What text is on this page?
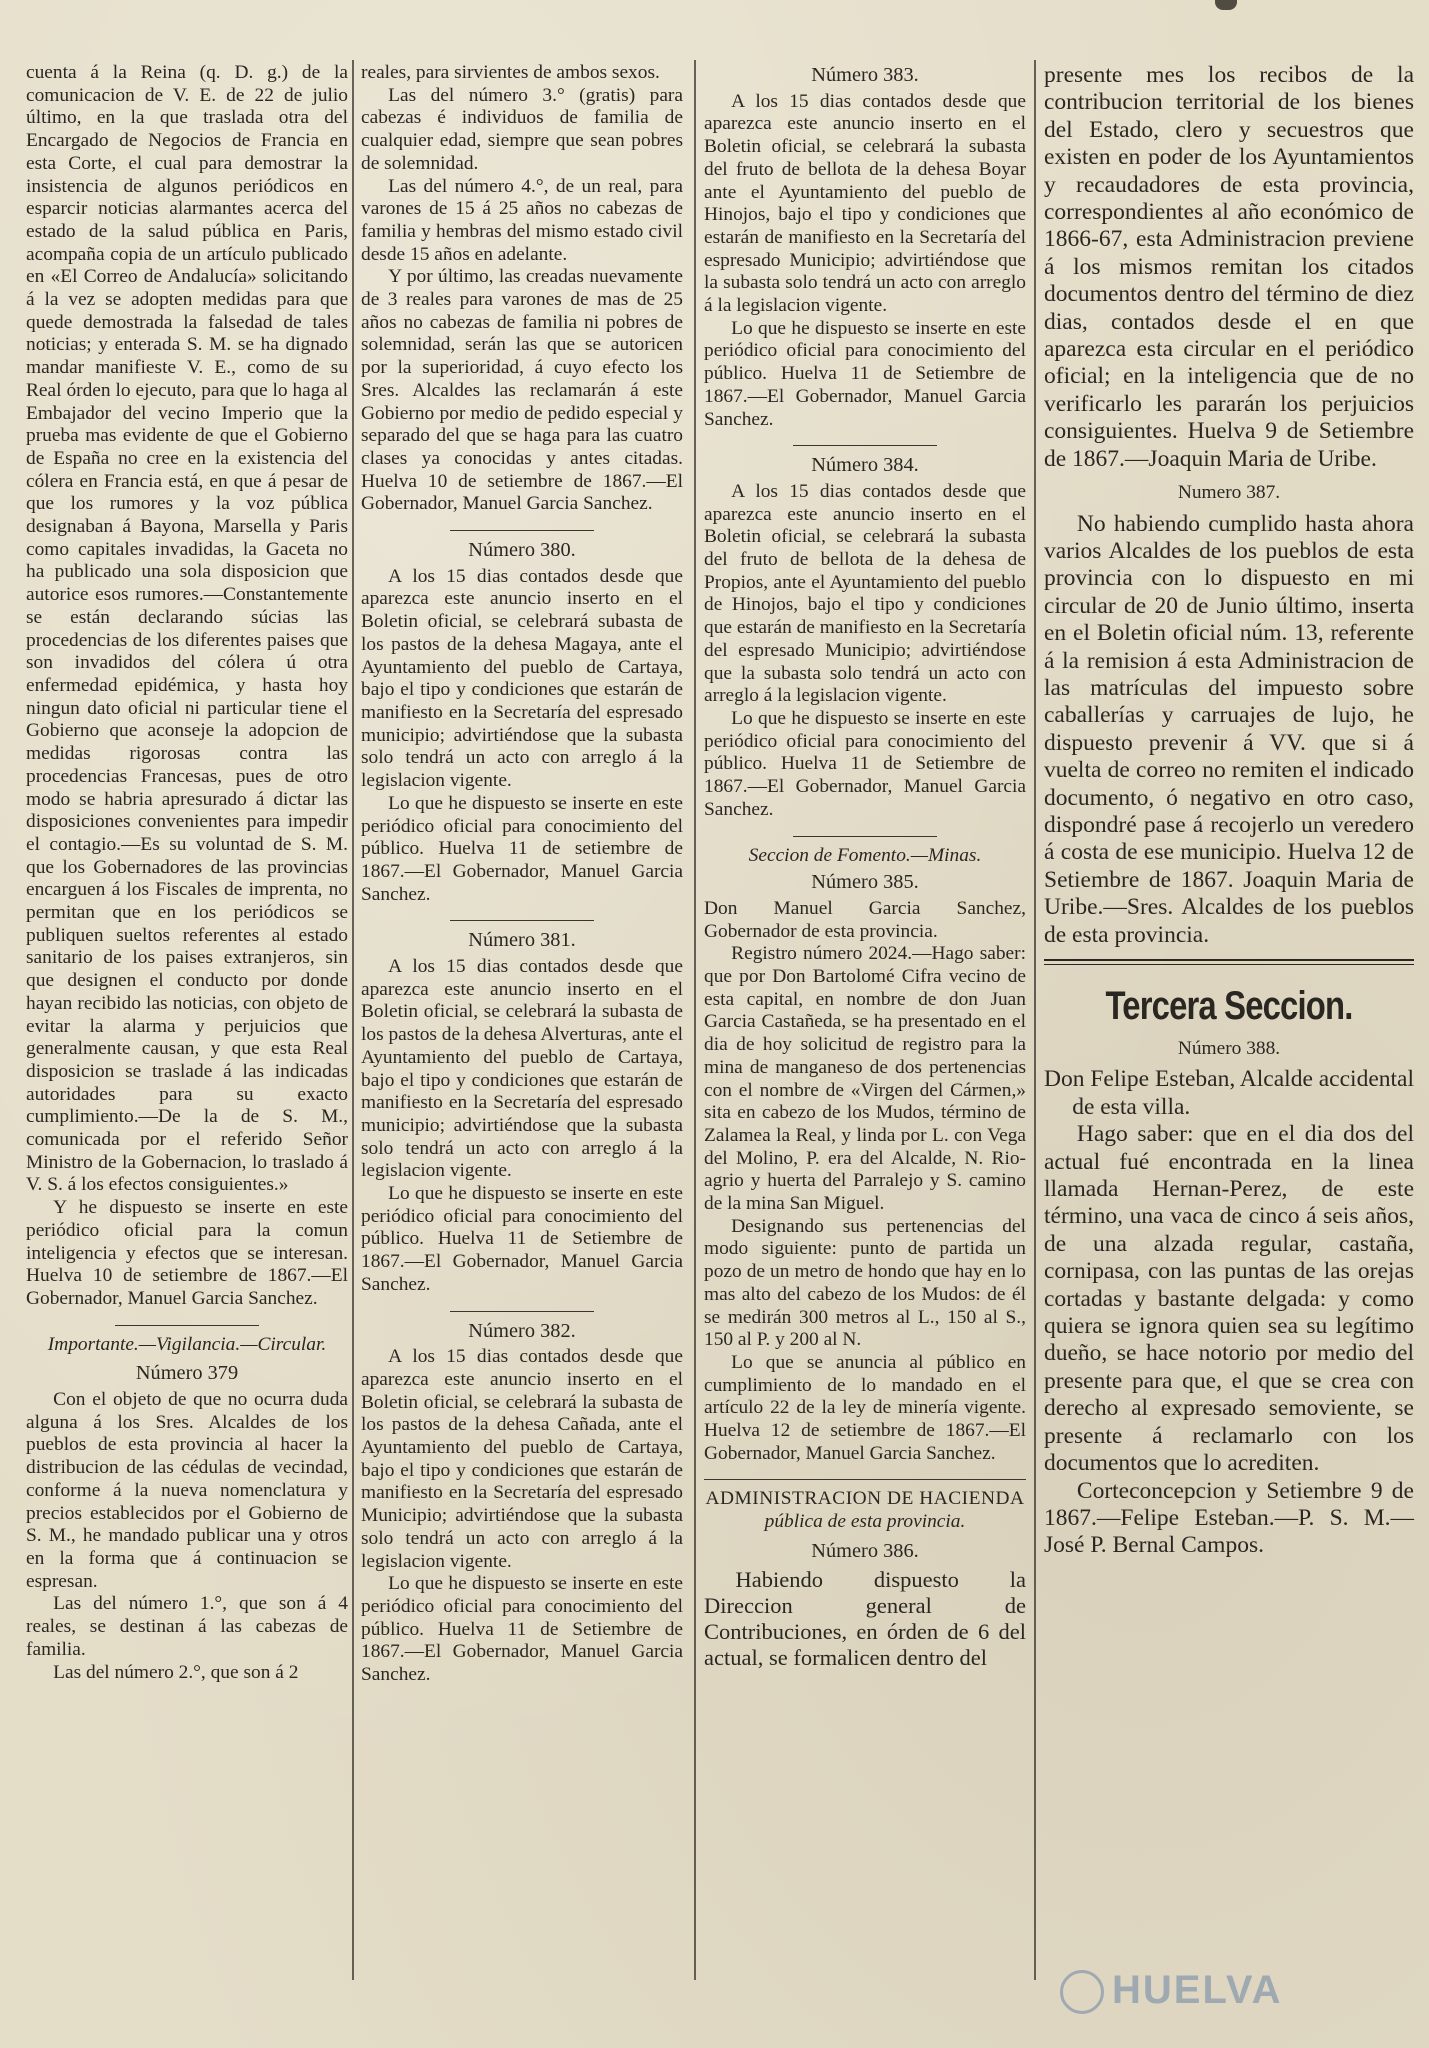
cuenta á la Reina (q. D. g.) de la comunicacion de V. E. de 22 de julio último, en la que traslada otra del Encargado de Negocios de Francia en esta Corte, el cual para demostrar la insistencia de algunos periódicos en esparcir noticias alarmantes acerca del estado de la salud pública en Paris, acompaña copia de un artículo publicado en «El Correo de Andalucía» solicitando á la vez se adopten medidas para que quede demostrada la falsedad de tales noticias; y enterada S. M. se ha dignado mandar manifieste V. E., como de su Real órden lo ejecuto, para que lo haga al Embajador del vecino Imperio que la prueba mas evidente de que el Gobierno de España no cree en la existencia del cólera en Francia está, en que á pesar de que los rumores y la voz pública designaban á Bayona, Marsella y Paris como capitales invadidas, la Gaceta no ha publicado una sola disposicion que autorice esos rumores.—Constantemente se están declarando súcias las procedencias de los diferentes paises que son invadidos del cólera ú otra enfermedad epidémica, y hasta hoy ningun dato oficial ni particular tiene el Gobierno que aconseje la adopcion de medidas rigorosas contra las procedencias Francesas, pues de otro modo se habria apresurado á dictar las disposiciones convenientes para impedir el contagio.—Es su voluntad de S. M. que los Gobernadores de las provincias encarguen á los Fiscales de imprenta, no permitan que en los periódicos se publiquen sueltos referentes al estado sanitario de los paises extranjeros, sin que designen el conducto por donde hayan recibido las noticias, con objeto de evitar la alarma y perjuicios que generalmente causan, y que esta Real disposicion se traslade á las indicadas autoridades para su exacto cumplimiento.—De la de S. M., comunicada por el referido Señor Ministro de la Gobernacion, lo traslado á V. S. á los efectos consiguientes.»

Y he dispuesto se inserte en este periódico oficial para la comun inteligencia y efectos que se interesan. Huelva 10 de setiembre de 1867.—El Gobernador, Manuel Garcia Sanchez.

Importante.—Vigilancia.—Circular.

Número 379

Con el objeto de que no ocurra duda alguna á los Sres. Alcaldes de los pueblos de esta provincia al hacer la distribucion de las cédulas de vecindad, conforme á la nueva nomenclatura y precios establecidos por el Gobierno de S. M., he mandado publicar una y otros en la forma que á continuacion se espresan.

Las del número 1.°, que son á 4 reales, se destinan á las cabezas de familia.

Las del número 2.°, que son á 2

reales, para sirvientes de ambos sexos.

Las del número 3.° (gratis) para cabezas é individuos de familia de cualquier edad, siempre que sean pobres de solemnidad.

Las del número 4.°, de un real, para varones de 15 á 25 años no cabezas de familia y hembras del mismo estado civil desde 15 años en adelante.

Y por último, las creadas nuevamente de 3 reales para varones de mas de 25 años no cabezas de familia ni pobres de solemnidad, serán las que se autoricen por la superioridad, á cuyo efecto los Sres. Alcaldes las reclamarán á este Gobierno por medio de pedido especial y separado del que se haga para las cuatro clases ya conocidas y antes citadas. Huelva 10 de setiembre de 1867.—El Gobernador, Manuel Garcia Sanchez.

Número 380.

A los 15 dias contados desde que aparezca este anuncio inserto en el Boletin oficial, se celebrará subasta de los pastos de la dehesa Magaya, ante el Ayuntamiento del pueblo de Cartaya, bajo el tipo y condiciones que estarán de manifiesto en la Secretaría del espresado municipio; advirtiéndose que la subasta solo tendrá un acto con arreglo á la legislacion vigente.

Lo que he dispuesto se inserte en este periódico oficial para conocimiento del público. Huelva 11 de setiembre de 1867.—El Gobernador, Manuel Garcia Sanchez.

Número 381.

A los 15 dias contados desde que aparezca este anuncio inserto en el Boletin oficial, se celebrará la subasta de los pastos de la dehesa Alverturas, ante el Ayuntamiento del pueblo de Cartaya, bajo el tipo y condiciones que estarán de manifiesto en la Secretaría del espresado municipio; advirtiéndose que la subasta solo tendrá un acto con arreglo á la legislacion vigente.

Lo que he dispuesto se inserte en este periódico oficial para conocimiento del público. Huelva 11 de Setiembre de 1867.—El Gobernador, Manuel Garcia Sanchez.

Número 382.

A los 15 dias contados desde que aparezca este anuncio inserto en el Boletin oficial, se celebrará la subasta de los pastos de la dehesa Cañada, ante el Ayuntamiento del pueblo de Cartaya, bajo el tipo y condiciones que estarán de manifiesto en la Secretaría del espresado Municipio; advirtiéndose que la subasta solo tendrá un acto con arreglo á la legislacion vigente.

Lo que he dispuesto se inserte en este periódico oficial para conocimiento del público. Huelva 11 de Setiembre de 1867.—El Gobernador, Manuel Garcia Sanchez.

Número 383.

A los 15 dias contados desde que aparezca este anuncio inserto en el Boletin oficial, se celebrará la subasta del fruto de bellota de la dehesa Boyar ante el Ayuntamiento del pueblo de Hinojos, bajo el tipo y condiciones que estarán de manifiesto en la Secretaría del espresado Municipio; advirtiéndose que la subasta solo tendrá un acto con arreglo á la legislacion vigente.

Lo que he dispuesto se inserte en este periódico oficial para conocimiento del público. Huelva 11 de Setiembre de 1867.—El Gobernador, Manuel Garcia Sanchez.

Número 384.

A los 15 dias contados desde que aparezca este anuncio inserto en el Boletin oficial, se celebrará la subasta del fruto de bellota de la dehesa de Propios, ante el Ayuntamiento del pueblo de Hinojos, bajo el tipo y condiciones que estarán de manifiesto en la Secretaría del espresado Municipio; advirtiéndose que la subasta solo tendrá un acto con arreglo á la legislacion vigente.

Lo que he dispuesto se inserte en este periódico oficial para conocimiento del público. Huelva 11 de Setiembre de 1867.—El Gobernador, Manuel Garcia Sanchez.

Seccion de Fomento.—Minas.

Número 385.

Don Manuel Garcia Sanchez, Gobernador de esta provincia.

Registro número 2024.—Hago saber: que por Don Bartolomé Cifra vecino de esta capital, en nombre de don Juan Garcia Castañeda, se ha presentado en el dia de hoy solicitud de registro para la mina de manganeso de dos pertenencias con el nombre de «Virgen del Cármen,» sita en cabezo de los Mudos, término de Zalamea la Real, y linda por L. con Vega del Molino, P. era del Alcalde, N. Rio-agrio y huerta del Parralejo y S. camino de la mina San Miguel.

Designando sus pertenencias del modo siguiente: punto de partida un pozo de un metro de hondo que hay en lo mas alto del cabezo de los Mudos: de él se medirán 300 metros al L., 150 al S., 150 al P. y 200 al N.

Lo que se anuncia al público en cumplimiento de lo mandado en el artículo 22 de la ley de minería vigente. Huelva 12 de setiembre de 1867.—El Gobernador, Manuel Garcia Sanchez.

ADMINISTRACION DE HACIENDA

pública de esta provincia.

Número 386.

Habiendo dispuesto la Direccion general de Contribuciones, en órden de 6 del actual, se formalicen dentro del

presente mes los recibos de la contribucion territorial de los bienes del Estado, clero y secuestros que existen en poder de los Ayuntamientos y recaudadores de esta provincia, correspondientes al año económico de 1866-67, esta Administracion previene á los mismos remitan los citados documentos dentro del término de diez dias, contados desde el en que aparezca esta circular en el periódico oficial; en la inteligencia que de no verificarlo les pararán los perjuicios consiguientes. Huelva 9 de Setiembre de 1867.—Joaquin Maria de Uribe.

Numero 387.

No habiendo cumplido hasta ahora varios Alcaldes de los pueblos de esta provincia con lo dispuesto en mi circular de 20 de Junio último, inserta en el Boletin oficial núm. 13, referente á la remision á esta Administracion de las matrículas del impuesto sobre caballerías y carruajes de lujo, he dispuesto prevenir á VV. que si á vuelta de correo no remiten el indicado documento, ó negativo en otro caso, dispondré pase á recojerlo un veredero á costa de ese municipio. Huelva 12 de Setiembre de 1867. Joaquin Maria de Uribe.—Sres. Alcaldes de los pueblos de esta provincia.

Tercera Seccion.

Número 388.

Don Felipe Esteban, Alcalde accidental de esta villa.

Hago saber: que en el dia dos del actual fué encontrada en la linea llamada Hernan-Perez, de este término, una vaca de cinco á seis años, de una alzada regular, castaña, cornipasa, con las puntas de las orejas cortadas y bastante delgada: y como quiera se ignora quien sea su legítimo dueño, se hace notorio por medio del presente para que, el que se crea con derecho al expresado semoviente, se presente á reclamarlo con los documentos que lo acrediten.

Corteconcepcion y Setiembre 9 de 1867.—Felipe Esteban.—P. S. M.—José P. Bernal Campos.

HUELVA
